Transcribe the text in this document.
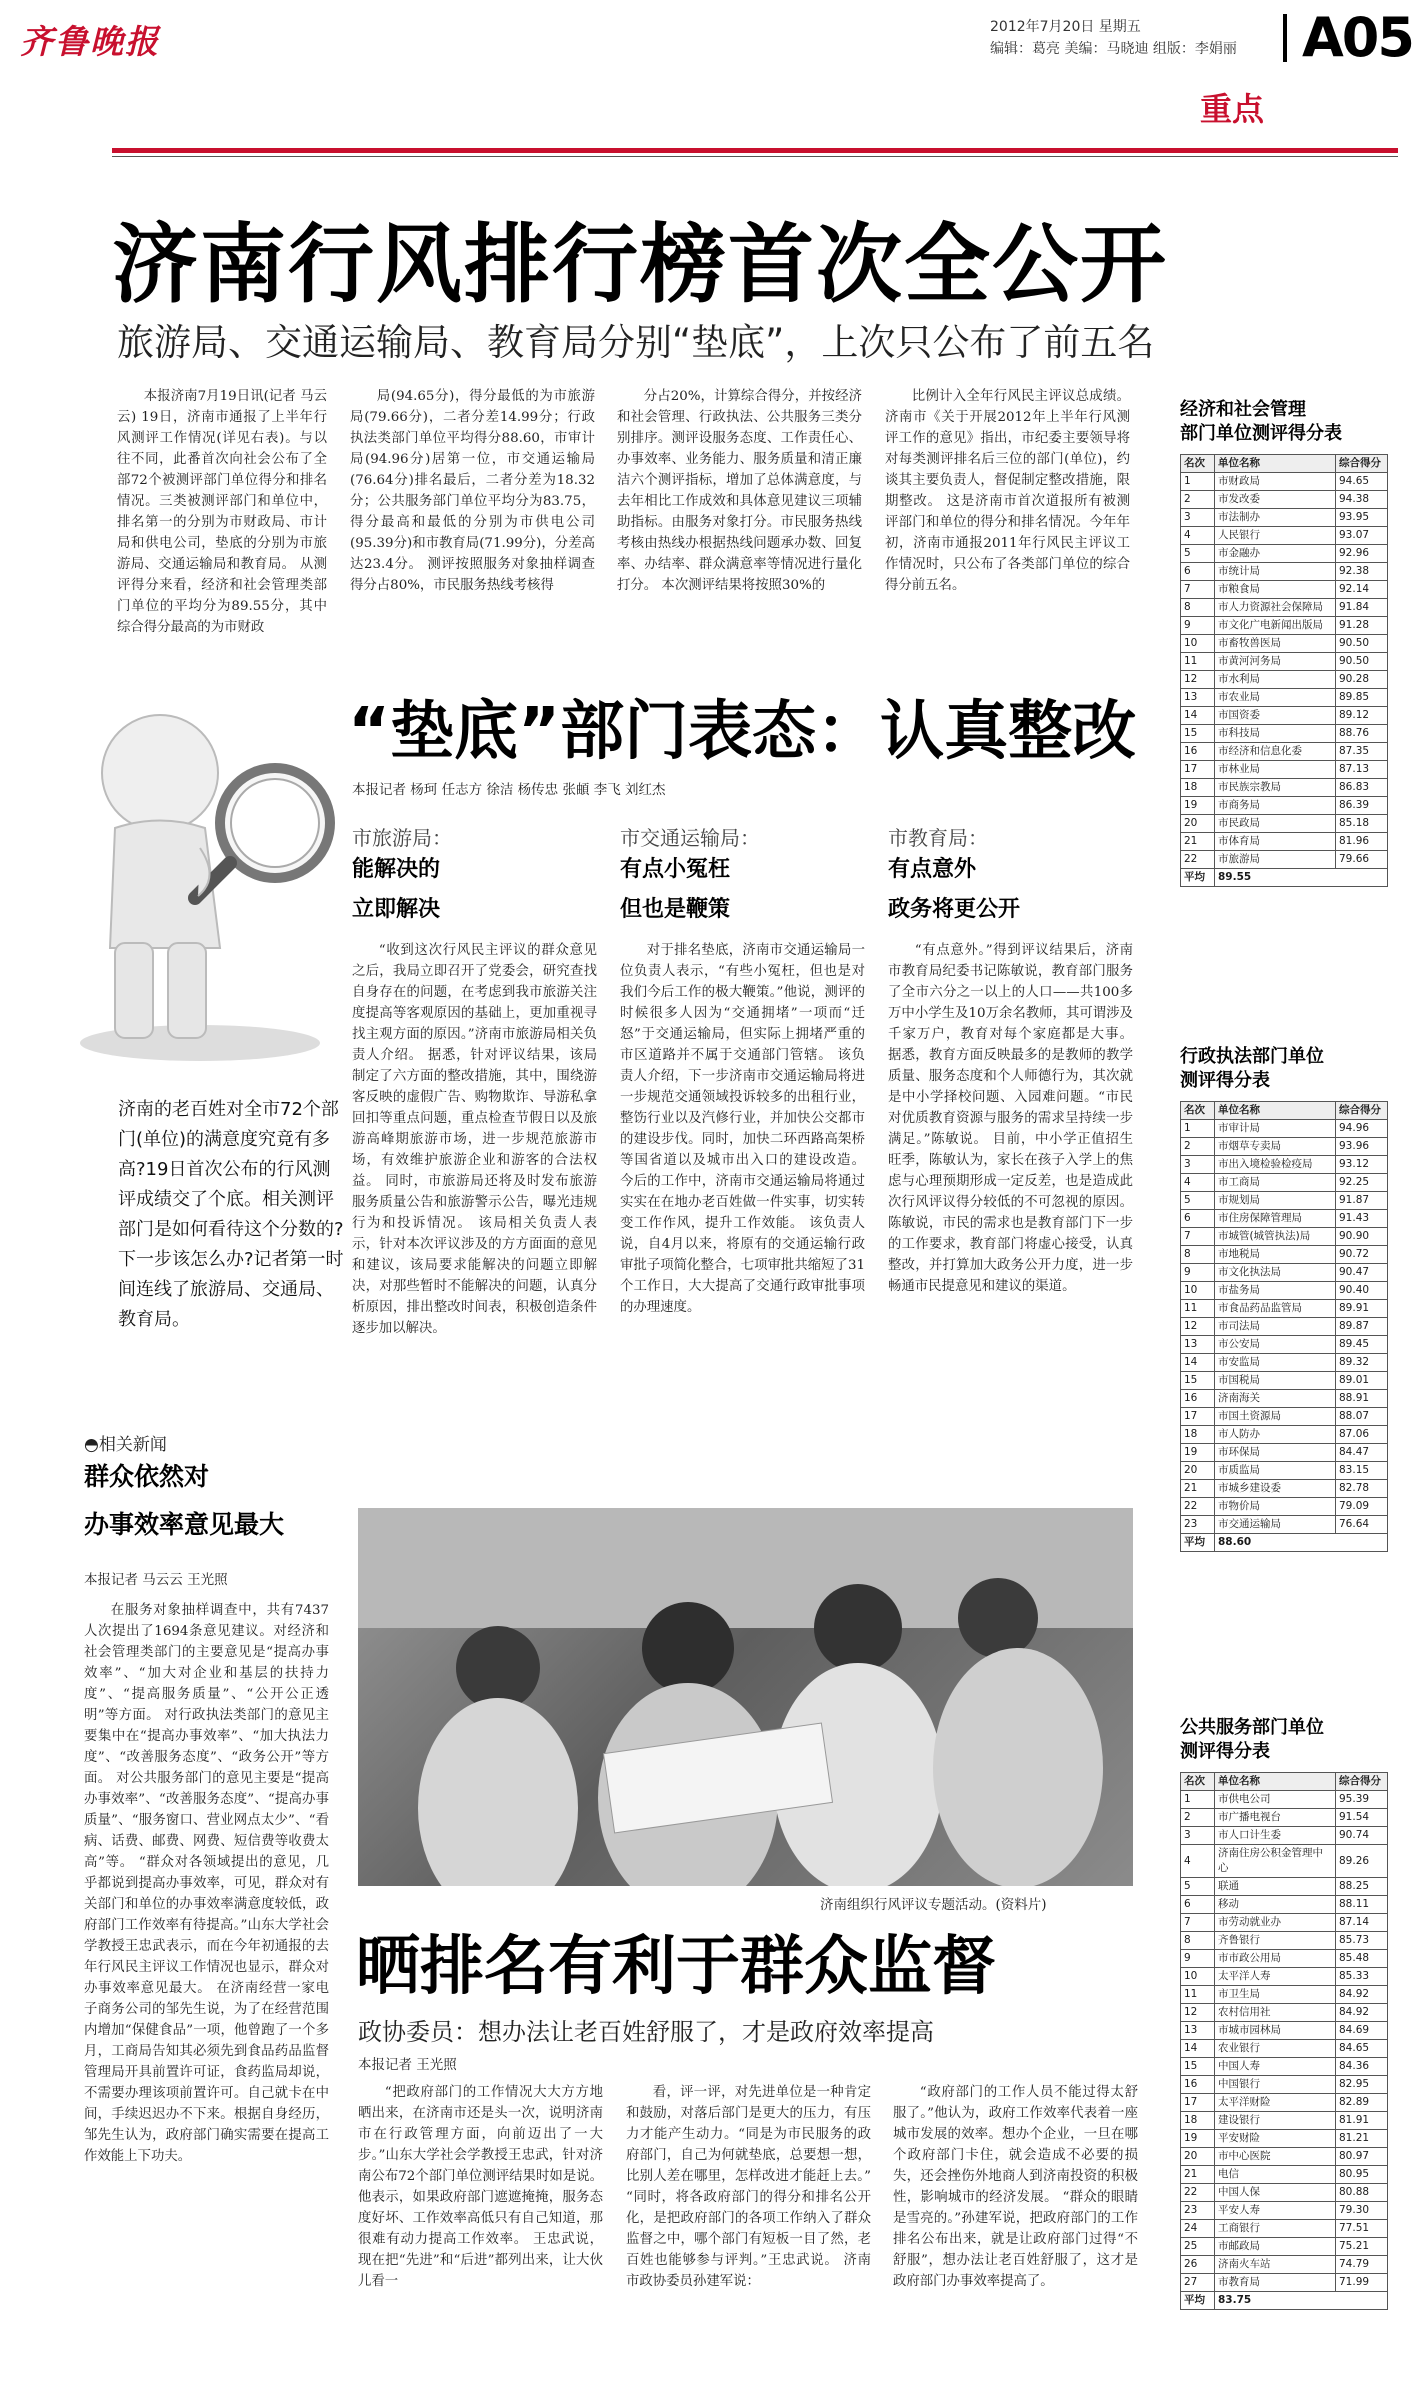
齐鲁晚报	2012年7月20日 星期五
编辑：葛亮 美编：马晓迪 组版：李娟丽 A05
重点
济南行风排行榜首次全公开
旅游局、交通运输局、教育局分别“垫底”，上次只公布了前五名
本报济南7月19日讯(记者 马云云) 19日，济南市通报了上半年行风测评工作情况(详见右表)。与以往不同，此番首次向社会公布了全部72个被测评部门单位得分和排名情况。三类被测评部门和单位中，排名第一的分别为市财政局、市计局和供电公司，垫底的分别为市旅游局、交通运输局和教育局。 从测评得分来看，经济和社会管理类部门单位的平均分为89.55分，其中综合得分最高的为市财政
局(94.65分)，得分最低的为市旅游局(79.66分)，二者分差14.99分；行政执法类部门单位平均得分88.60，市审计局(94.96分)居第一位，市交通运输局(76.64分)排名最后，二者分差为18.32分；公共服务部门单位平均分为83.75，得分最高和最低的分别为市供电公司(95.39分)和市教育局(71.99分)，分差高达23.4分。 测评按照服务对象抽样调查得分占80%，市民服务热线考核得
分占20%，计算综合得分，并按经济和社会管理、行政执法、公共服务三类分别排序。测评设服务态度、工作责任心、办事效率、业务能力、服务质量和清正廉洁六个测评指标，增加了总体满意度，与去年相比工作成效和具体意见建议三项辅助指标。由服务对象打分。市民服务热线考核由热线办根据热线问题承办数、回复率、办结率、群众满意率等情况进行量化打分。 本次测评结果将按照30%的
比例计入全年行风民主评议总成绩。济南市《关于开展2012年上半年行风测评工作的意见》指出，市纪委主要领导将对每类测评排名后三位的部门(单位)，约谈其主要负责人，督促制定整改措施，限期整改。 这是济南市首次道报所有被测评部门和单位的得分和排名情况。今年年初，济南市通报2011年行风民主评议工作情况时，只公布了各类部门单位的综合得分前五名。
济南的老百姓对全市72个部门(单位)的满意度究竟有多高?19日首次公布的行风测评成绩交了个底。相关测评部门是如何看待这个分数的?下一步该怎么办?记者第一时间连线了旅游局、交通局、教育局。
“垫底”部门表态：认真整改
本报记者 杨珂 任志方 徐洁 杨传忠 张頔 李飞 刘红杰
市旅游局：
能解决的
立即解决
“收到这次行风民主评议的群众意见之后，我局立即召开了党委会，研究查找自身存在的问题，在考虑到我市旅游关注度提高等客观原因的基础上，更加重视寻找主观方面的原因。”济南市旅游局相关负责人介绍。 据悉，针对评议结果，该局制定了六方面的整改措施，其中，围绕游客反映的虚假广告、购物欺诈、导游私拿回扣等重点问题，重点检查节假日以及旅游高峰期旅游市场，进一步规范旅游市场，有效维护旅游企业和游客的合法权益。 同时，市旅游局还将及时发布旅游服务质量公告和旅游警示公告，曝光违规行为和投诉情况。 该局相关负责人表示，针对本次评议涉及的方方面面的意见和建议，该局要求能解决的问题立即解决，对那些暂时不能解决的问题，认真分析原因，排出整改时间表，积极创造条件逐步加以解决。
市交通运输局：
有点小冤枉
但也是鞭策
对于排名垫底，济南市交通运输局一位负责人表示，“有些小冤枉，但也是对我们今后工作的极大鞭策。”他说，测评的时候很多人因为“交通拥堵”一项而“迁怒”于交通运输局，但实际上拥堵严重的市区道路并不属于交通部门管辖。 该负责人介绍，下一步济南市交通运输局将进一步规范交通领域投诉较多的出租行业，整饬行业以及汽修行业，并加快公交都市的建设步伐。同时，加快二环西路高架桥等国省道以及城市出入口的建设改造。 今后的工作中，济南市交通运输局将通过实实在在地办老百姓做一件实事，切实转变工作作风，提升工作效能。 该负责人说，自4月以来，将原有的交通运输行政审批子项简化整合，七项审批共缩短了31个工作日，大大提高了交通行政审批事项的办理速度。
市教育局：
有点意外
政务将更公开
“有点意外。”得到评议结果后，济南市教育局纪委书记陈敏说，教育部门服务了全市六分之一以上的人口——共100多万中小学生及10万余名教师，其可谓涉及千家万户，教育对每个家庭都是大事。 据悉，教育方面反映最多的是教师的教学质量、服务态度和个人师德行为，其次就是中小学择校问题、入园难问题。“市民对优质教育资源与服务的需求呈持续一步满足。”陈敏说。 目前，中小学正值招生旺季，陈敏认为，家长在孩子入学上的焦虑与心理预期形成一定反差，也是造成此次行风评议得分较低的不可忽视的原因。 陈敏说，市民的需求也是教育部门下一步的工作要求，教育部门将虚心接受，认真整改，并打算加大政务公开力度，进一步畅通市民提意见和建议的渠道。
济南组织行风评议专题活动。(资料片)
◓相关新闻
群众依然对
办事效率意见最大
本报记者 马云云 王光照
在服务对象抽样调查中，共有7437人次提出了1694条意见建议。对经济和社会管理类部门的主要意见是“提高办事效率”、“加大对企业和基层的扶持力度”、“提高服务质量”、“公开公正透明”等方面。 对行政执法类部门的意见主要集中在“提高办事效率”、“加大执法力度”、“改善服务态度”、“政务公开”等方面。 对公共服务部门的意见主要是“提高办事效率”、“改善服务态度”、“提高办事质量”、“服务窗口、营业网点太少”、“看病、话费、邮费、网费、短信费等收费太高”等。 “群众对各领域提出的意见，几乎都说到提高办事效率，可见，群众对有关部门和单位的办事效率满意度较低，政府部门工作效率有待提高。”山东大学社会学教授王忠武表示，而在今年初通报的去年行风民主评议工作情况也显示，群众对办事效率意见最大。 在济南经营一家电子商务公司的邹先生说，为了在经营范围内增加“保健食品”一项，他曾跑了一个多月，工商局告知其必须先到食品药品监督管理局开具前置许可证，食药监局却说，不需要办理该项前置许可。自己就卡在中间，手续迟迟办不下来。根据自身经历，邹先生认为，政府部门确实需要在提高工作效能上下功夫。
晒排名有利于群众监督
政协委员：想办法让老百姓舒服了，才是政府效率提高
本报记者 王光照
“把政府部门的工作情况大大方方地晒出来，在济南市还是头一次，说明济南市在行政管理方面，向前迈出了一大步。”山东大学社会学教授王忠武，针对济南公布72个部门单位测评结果时如是说。他表示，如果政府部门遮遮掩掩，服务态度好坏、工作效率高低只有自己知道，那很难有动力提高工作效率。 王忠武说，现在把“先进”和“后进”都列出来，让大伙儿看一
看，评一评，对先进单位是一种肯定和鼓励，对落后部门是更大的压力，有压力才能产生动力。“同是为市民服务的政府部门，自己为何就垫底，总要想一想，比别人差在哪里，怎样改进才能赶上去。” “同时，将各政府部门的得分和排名公开化，是把政府部门的各项工作纳入了群众监督之中，哪个部门有短板一目了然，老百姓也能够参与评判。”王忠武说。 济南市政协委员孙建军说：
“政府部门的工作人员不能过得太舒服了。”他认为，政府工作效率代表着一座城市发展的效率。想办个企业，一旦在哪个政府部门卡住，就会造成不必要的损失，还会挫伤外地商人到济南投资的积极性，影响城市的经济发展。 “群众的眼睛是雪亮的。”孙建军说，把政府部门的工作排名公布出来，就是让政府部门过得“不舒服”，想办法让老百姓舒服了，这才是政府部门办事效率提高了。
经济和社会管理
部门单位测评得分表
名次	单位名称	综合得分
1	市财政局	94.65
2	市发改委	94.38
3	市法制办	93.95
4	人民银行	93.07
5	市金融办	92.96
6	市统计局	92.38
7	市粮食局	92.14
8	市人力资源社会保障局	91.84
9	市文化广电新闻出版局	91.28
10	市畜牧兽医局	90.50
11	市黄河河务局	90.50
12	市水利局	90.28
13	市农业局	89.85
14	市国资委	89.12
15	市科技局	88.76
16	市经济和信息化委	87.35
17	市林业局	87.13
18	市民族宗教局	86.83
19	市商务局	86.39
20	市民政局	85.18
21	市体育局	81.96
22	市旅游局	79.66
平均	89.55	
行政执法部门单位
测评得分表
名次	单位名称	综合得分
1	市审计局	94.96
2	市烟草专卖局	93.96
3	市出入境检验检疫局	93.12
4	市工商局	92.25
5	市规划局	91.87
6	市住房保障管理局	91.43
7	市城管(城管执法)局	90.90
8	市地税局	90.72
9	市文化执法局	90.47
10	市盐务局	90.40
11	市食品药品监管局	89.91
12	市司法局	89.87
13	市公安局	89.45
14	市安监局	89.32
15	市国税局	89.01
16	济南海关	88.91
17	市国土资源局	88.07
18	市人防办	87.06
19	市环保局	84.47
20	市质监局	83.15
21	市城乡建设委	82.78
22	市物价局	79.09
23	市交通运输局	76.64
平均	88.60	
公共服务部门单位
测评得分表
名次	单位名称	综合得分
1	市供电公司	95.39
2	市广播电视台	91.54
3	市人口计生委	90.74
4	济南住房公积金管理中心	89.26
5	联通	88.25
6	移动	88.11
7	市劳动就业办	87.14
8	齐鲁银行	85.73
9	市市政公用局	85.48
10	太平洋人寿	85.33
11	市卫生局	84.92
12	农村信用社	84.92
13	市城市园林局	84.69
14	农业银行	84.65
15	中国人寿	84.36
16	中国银行	82.95
17	太平洋财险	82.89
18	建设银行	81.91
19	平安财险	81.21
20	市中心医院	80.97
21	电信	80.95
22	中国人保	80.88
23	平安人寿	79.30
24	工商银行	77.51
25	市邮政局	75.21
26	济南火车站	74.79
27	市教育局	71.99
平均	83.75	
